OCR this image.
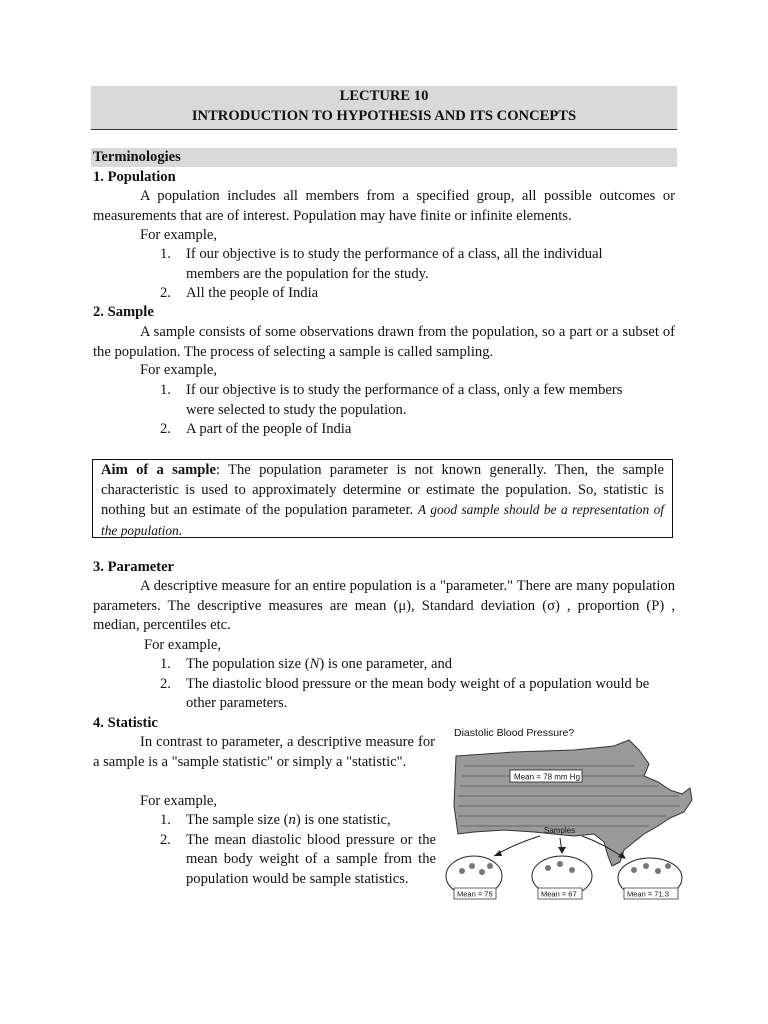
LECTURE 10
INTRODUCTION TO HYPOTHESIS AND ITS CONCEPTS
Terminologies
1. Population
A population includes all members from a specified group, all possible outcomes or measurements that are of interest. Population may have finite or infinite elements.
For example,
1. If our objective is to study the performance of a class, all the individual members are the population for the study.
2. All the people of India
2. Sample
A sample consists of some observations drawn from the population, so a part or a subset of the population. The process of selecting a sample is called sampling.
For example,
1. If our objective is to study the performance of a class, only a few members were selected to study the population.
2. A part of the people of India
Aim of a sample: The population parameter is not known generally. Then, the sample characteristic is used to approximately determine or estimate the population. So, statistic is nothing but an estimate of the population parameter. A good sample should be a representation of the population.
3. Parameter
A descriptive measure for an entire population is a "parameter." There are many population parameters. The descriptive measures are mean (μ), Standard deviation (σ) , proportion (P) , median, percentiles etc.
For example,
1. The population size (N) is one parameter, and
2. The diastolic blood pressure or the mean body weight of a population would be other parameters.
4. Statistic
In contrast to parameter, a descriptive measure for a sample is a "sample statistic" or simply a "statistic".
For example,
1. The sample size (n) is one statistic,
2. The mean diastolic blood pressure or the mean body weight of a sample from the population would be sample statistics.
Diastolic Blood Pressure?
Mean = 78 mm Hg
Samples
Mean = 75	Mean = 67	Mean = 71.3
